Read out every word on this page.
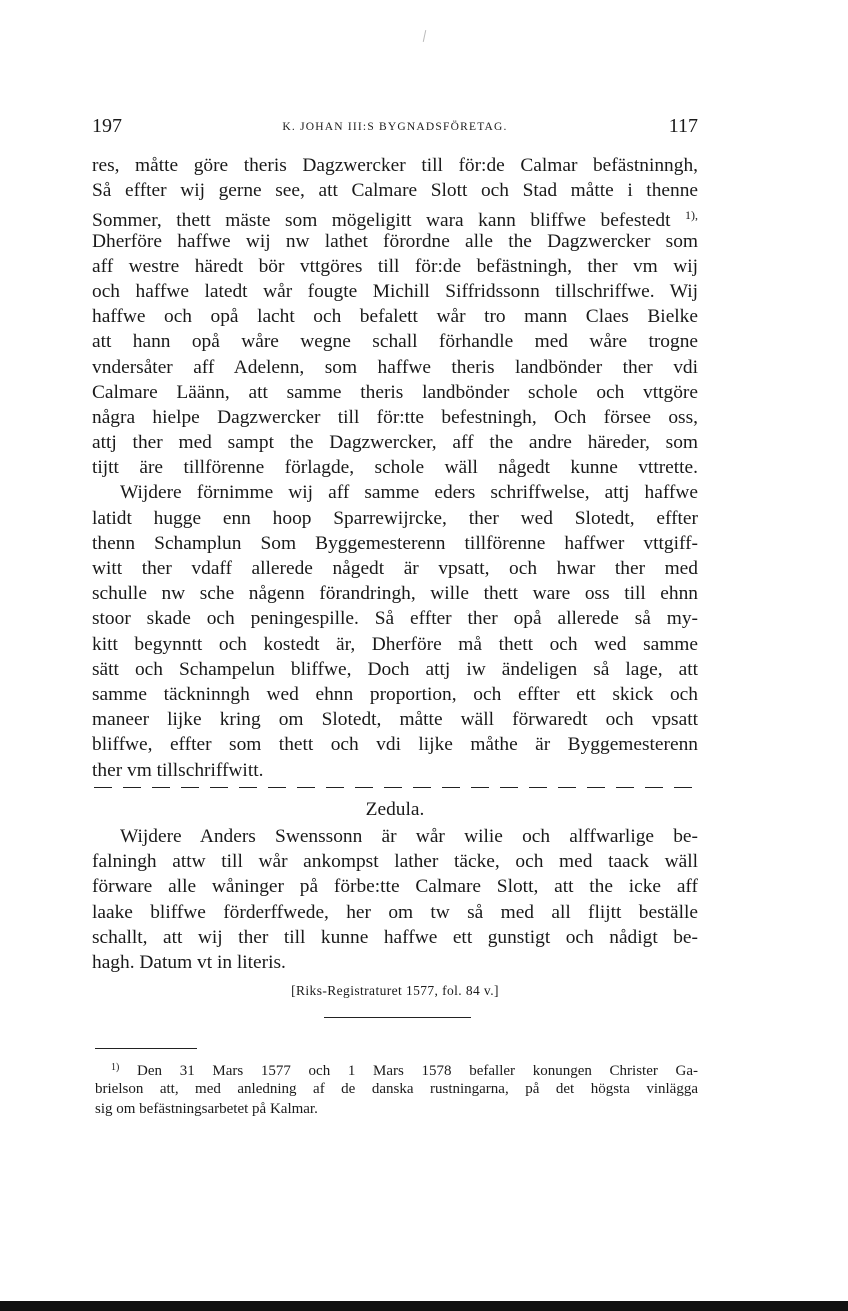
197	K. JOHAN III:S BYGNADSFÖRETAG.	117
res, måtte göre theris Dagzwercker till för:de Calmar befästninngh,
Så effter wij gerne see, att Calmare Slott och Stad måtte i thenne
Sommer, thett mäste som mögeligitt wara kann bliffwe befestedt $^{1),}$
Dherföre haffwe wij nw lathet förordne alle the Dagzwercker som
aff westre häredt bör vttgöres till för:de befästningh, ther vm wij
och haffwe latedt wår fougte Michill Siffridssonn tillschriffwe. Wij
haffwe och opå lacht och befalett wår tro mann Claes Bielke
att hann opå wåre wegne schall förhandle med wåre trogne
vndersåter aff Adelenn, som haffwe theris landbönder ther vdi
Calmare Läänn, att samme theris landbönder schole och vttgöre
några hielpe Dagzwercker till för:tte befestningh, Och försee oss,
attj ther med sampt the Dagzwercker, aff the andre häreder, som
tijtt äre tillförenne förlagde, schole wäll någedt kunne vttrette.
Wijdere förnimme wij aff samme eders schriffwelse, attj haffwe
latidt hugge enn hoop Sparrewijrcke, ther wed Slotedt, effter
thenn Schamplun Som Byggemesterenn tillförenne haffwer vttgiff-
witt ther vdaff allerede någedt är vpsatt, och hwar ther med
schulle nw sche någenn förandringh, wille thett ware oss till ehnn
stoor skade och peningespille. Så effter ther opå allerede så my-
kitt begynntt och kostedt är, Dherföre må thett och wed samme
sätt och Schampelun bliffwe, Doch attj iw ändeligen så lage, att
samme täckninngh wed ehnn proportion, och effter ett skick och
maneer lijke kring om Slotedt, måtte wäll förwaredt och vpsatt
bliffwe, effter som thett och vdi lijke måthe är Byggemesterenn
ther vm tillschriffwitt.
Zedula.
Wijdere Anders Swenssonn är wår wilie och alffwarlige be-
falningh attw till wår ankompst lather täcke, och med taack wäll
förware alle wåninger på förbe:tte Calmare Slott, att the icke aff
laake bliffwe förderffwede, her om tw så med all flijtt beställe
schallt, att wij ther till kunne haffwe ett gunstigt och nådigt be-
hagh. Datum vt in literis.
[Riks-Registraturet 1577, fol. 84 v.]
$^{1)}$ Den 31 Mars 1577 och 1 Mars 1578 befaller konungen Christer Ga-
brielson att, med anledning af de danska rustningarna, på det högsta vinlägga
sig om befästningsarbetet på Kalmar.
